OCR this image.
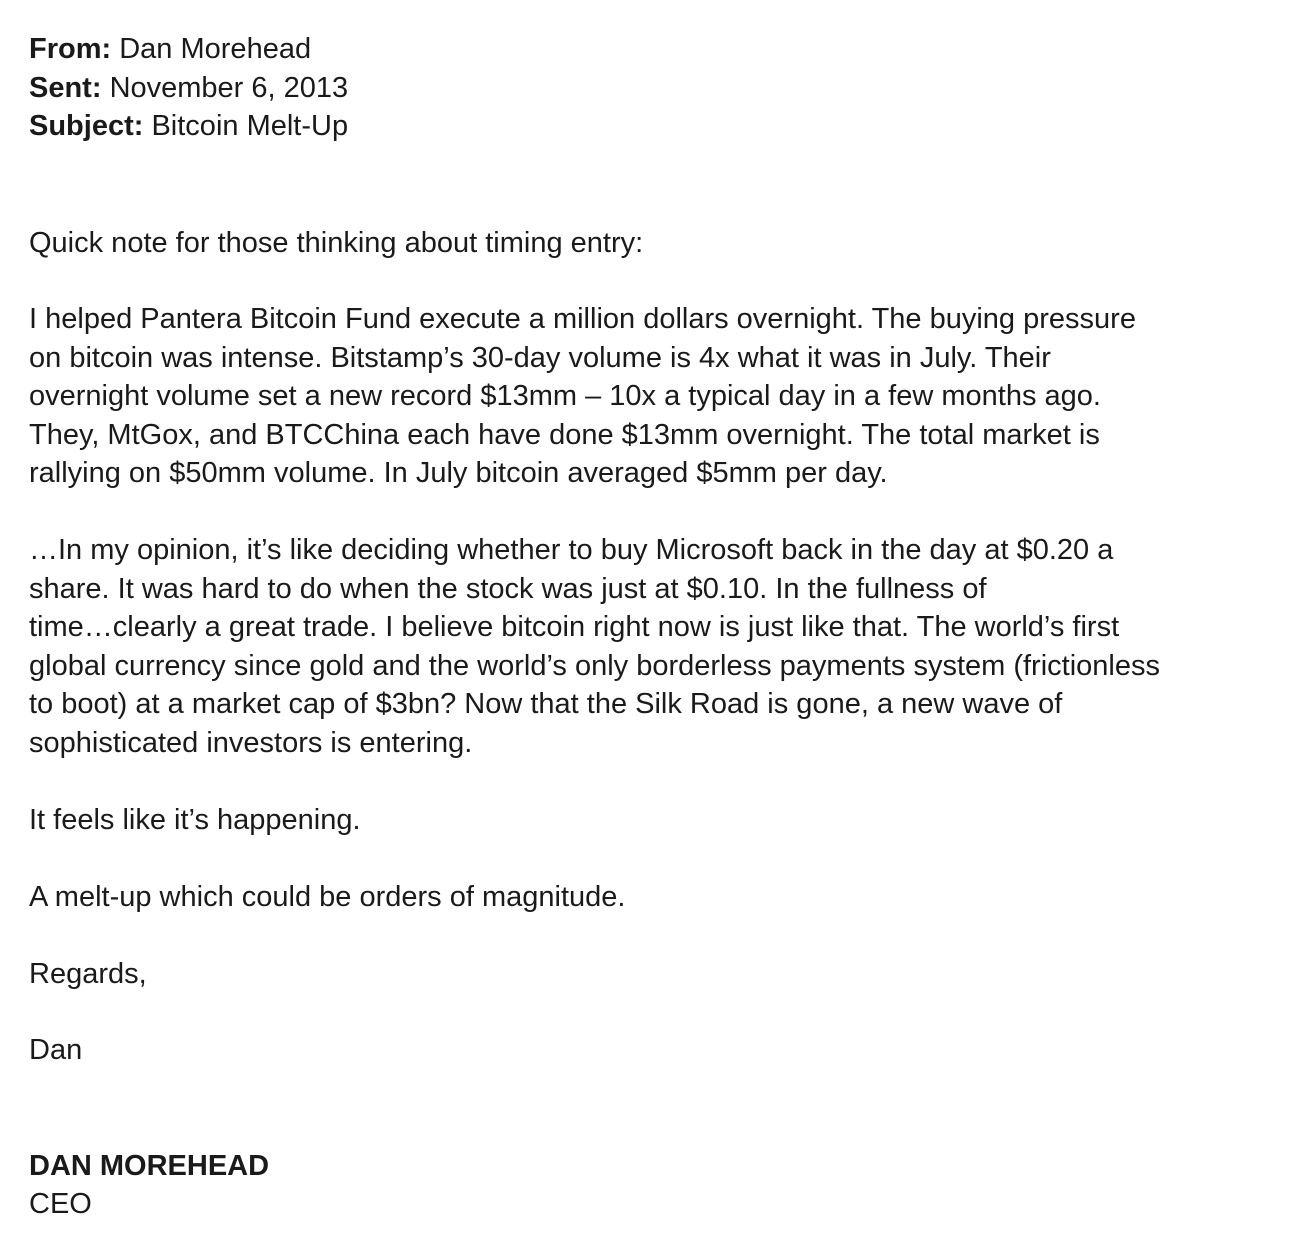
From: Dan Morehead
Sent: November 6, 2013
Subject: Bitcoin Melt-Up

Quick note for those thinking about timing entry:

I helped Pantera Bitcoin Fund execute a million dollars overnight. The buying pressure
on bitcoin was intense. Bitstamp’s 30-day volume is 4x what it was in July. Their
overnight volume set a new record $13mm – 10x a typical day in a few months ago.
They, MtGox, and BTCChina each have done $13mm overnight. The total market is
rallying on $50mm volume. In July bitcoin averaged $5mm per day.

…In my opinion, it’s like deciding whether to buy Microsoft back in the day at $0.20 a
share. It was hard to do when the stock was just at $0.10. In the fullness of
time…clearly a great trade. I believe bitcoin right now is just like that. The world’s first
global currency since gold and the world’s only borderless payments system (frictionless
to boot) at a market cap of $3bn? Now that the Silk Road is gone, a new wave of
sophisticated investors is entering.

It feels like it’s happening.

A melt-up which could be orders of magnitude.

Regards,

Dan

DAN MOREHEAD
CEO
